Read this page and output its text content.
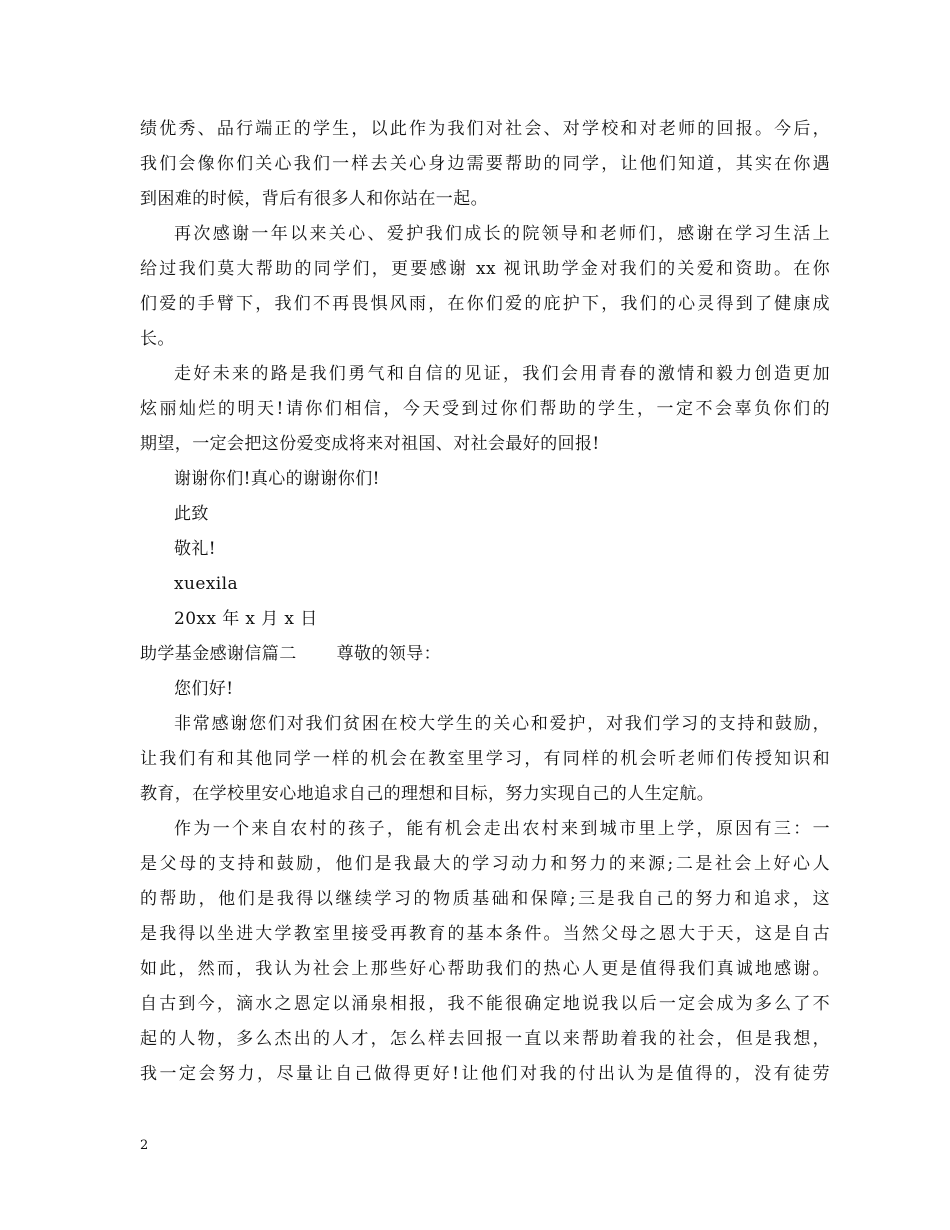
绩优秀、品行端正的学生，以此作为我们对社会、对学校和对老师的回报。今后，
我们会像你们关心我们一样去关心身边需要帮助的同学，让他们知道，其实在你遇
到困难的时候，背后有很多人和你站在一起。
再次感谢一年以来关心、爱护我们成长的院领导和老师们，感谢在学习生活上
给过我们莫大帮助的同学们，更要感谢 xx 视讯助学金对我们的关爱和资助。在你
们爱的手臂下，我们不再畏惧风雨，在你们爱的庇护下，我们的心灵得到了健康成
长。
走好未来的路是我们勇气和自信的见证，我们会用青春的激情和毅力创造更加
炫丽灿烂的明天!请你们相信，今天受到过你们帮助的学生，一定不会辜负你们的
期望，一定会把这份爱变成将来对祖国、对社会最好的回报!
谢谢你们!真心的谢谢你们!
此致
敬礼!
xuexila
20xx 年 x 月 x 日
助学基金感谢信篇二 尊敬的领导：
您们好!
非常感谢您们对我们贫困在校大学生的关心和爱护，对我们学习的支持和鼓励，
让我们有和其他同学一样的机会在教室里学习，有同样的机会听老师们传授知识和
教育，在学校里安心地追求自己的理想和目标，努力实现自己的人生定航。
作为一个来自农村的孩子，能有机会走出农村来到城市里上学，原因有三：一
是父母的支持和鼓励，他们是我最大的学习动力和努力的来源;二是社会上好心人
的帮助，他们是我得以继续学习的物质基础和保障;三是我自己的努力和追求，这
是我得以坐进大学教室里接受再教育的基本条件。当然父母之恩大于天，这是自古
如此，然而，我认为社会上那些好心帮助我们的热心人更是值得我们真诚地感谢。
自古到今，滴水之恩定以涌泉相报，我不能很确定地说我以后一定会成为多么了不
起的人物，多么杰出的人才，怎么样去回报一直以来帮助着我的社会，但是我想，
我一定会努力，尽量让自己做得更好!让他们对我的付出认为是值得的，没有徒劳
2
